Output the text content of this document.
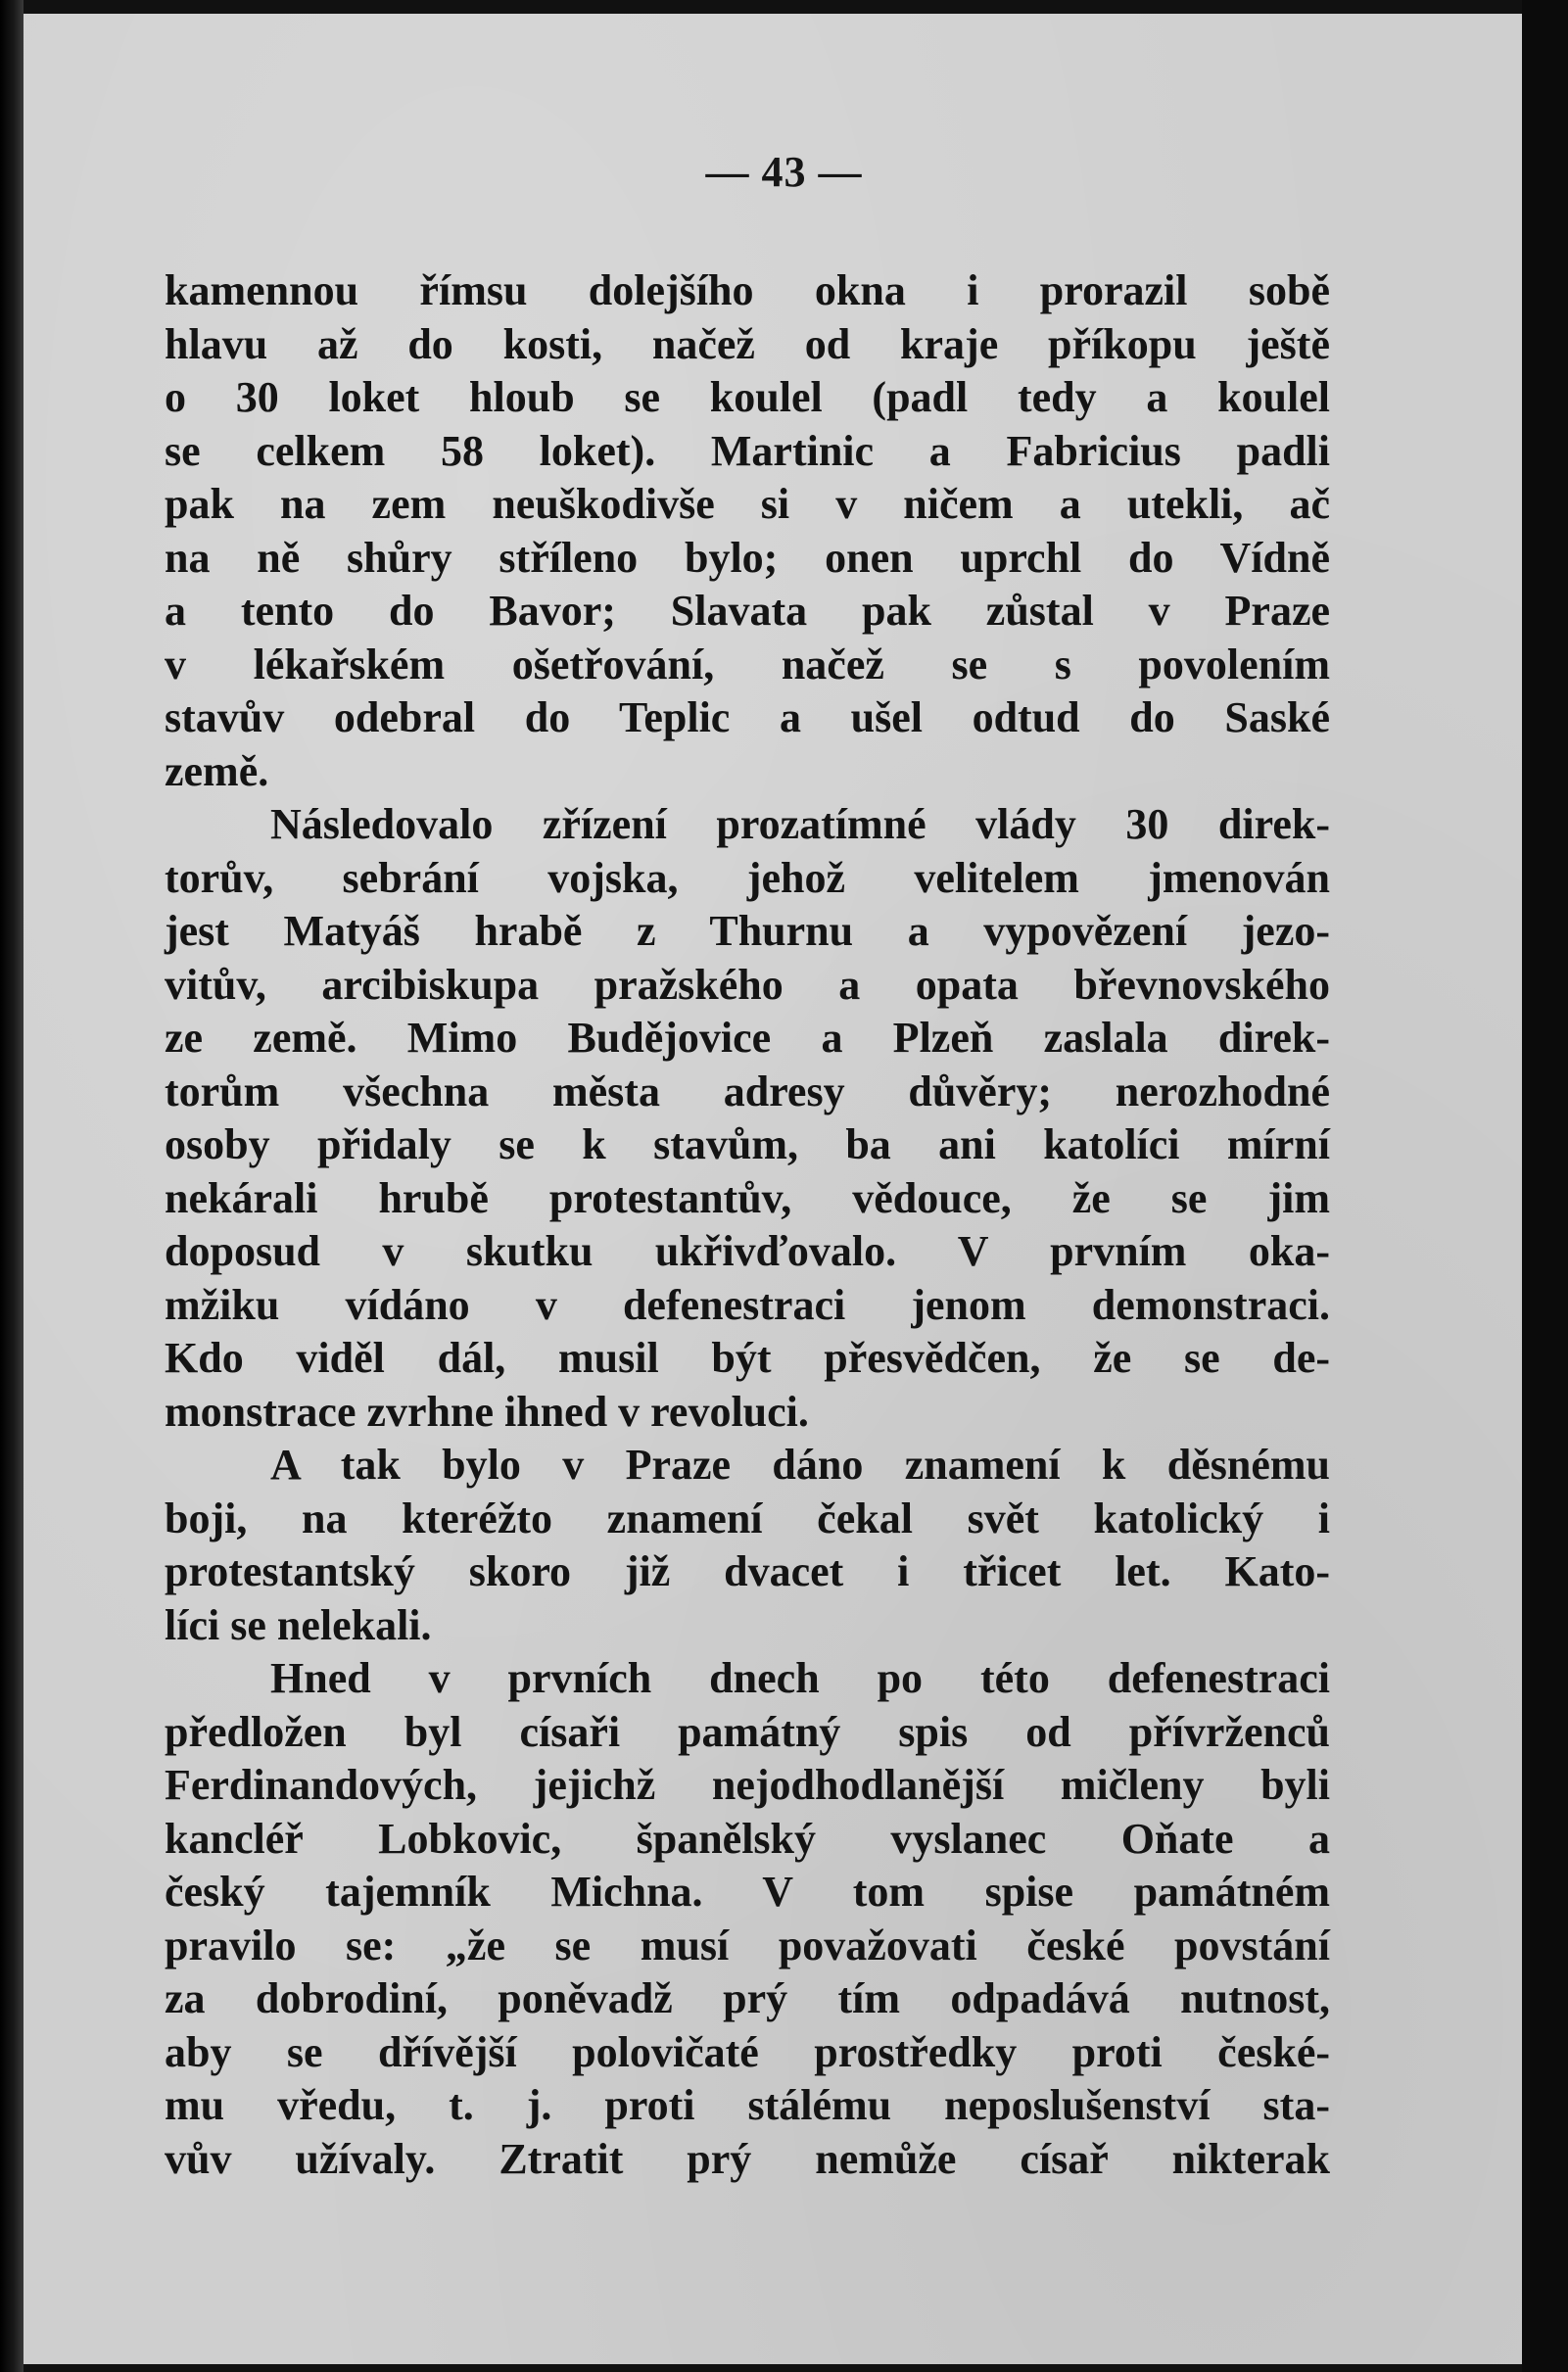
— 43 —
kamennou římsu dolejšího okna i prorazil sobě
hlavu až do kosti, načež od kraje příkopu ještě
o 30 loket hloub se koulel (padl tedy a koulel
se celkem 58 loket). Martinic a Fabricius padli
pak na zem neuškodivše si v ničem a utekli, ač
na ně shůry stříleno bylo; onen uprchl do Vídně
a tento do Bavor; Slavata pak zůstal v Praze
v lékařském ošetřování, načež se s povolením
stavův odebral do Teplic a ušel odtud do Saské
země.
Následovalo zřízení prozatímné vlády 30 direk-
torův, sebrání vojska, jehož velitelem jmenován
jest Matyáš hrabě z Thurnu a vypovězení jezo-
vitův, arcibiskupa pražského a opata břevnovského
ze země. Mimo Budějovice a Plzeň zaslala direk-
torům všechna města adresy důvěry; nerozhodné
osoby přidaly se k stavům, ba ani katolíci mírní
nekárali hrubě protestantův, vědouce, že se jim
doposud v skutku ukřivďovalo. V prvním oka-
mžiku vídáno v defenestraci jenom demonstraci.
Kdo viděl dál, musil být přesvědčen, že se de-
monstrace zvrhne ihned v revoluci.
A tak bylo v Praze dáno znamení k děsnému
boji, na kteréžto znamení čekal svět katolický i
protestantský skoro již dvacet i třicet let. Kato-
líci se nelekali.
Hned v prvních dnech po této defenestraci
předložen byl císaři památný spis od přívrženců
Ferdinandových, jejichž nejodhodlanější mičleny byli
kancléř Lobkovic, španělský vyslanec Oňate a
český tajemník Michna. V tom spise památném
pravilo se: „že se musí považovati české povstání
za dobrodiní, poněvadž prý tím odpadává nutnost,
aby se dřívější polovičaté prostředky proti české-
mu vředu, t. j. proti stálému neposlušenství sta-
vův užívaly. Ztratit prý nemůže císař nikterak
